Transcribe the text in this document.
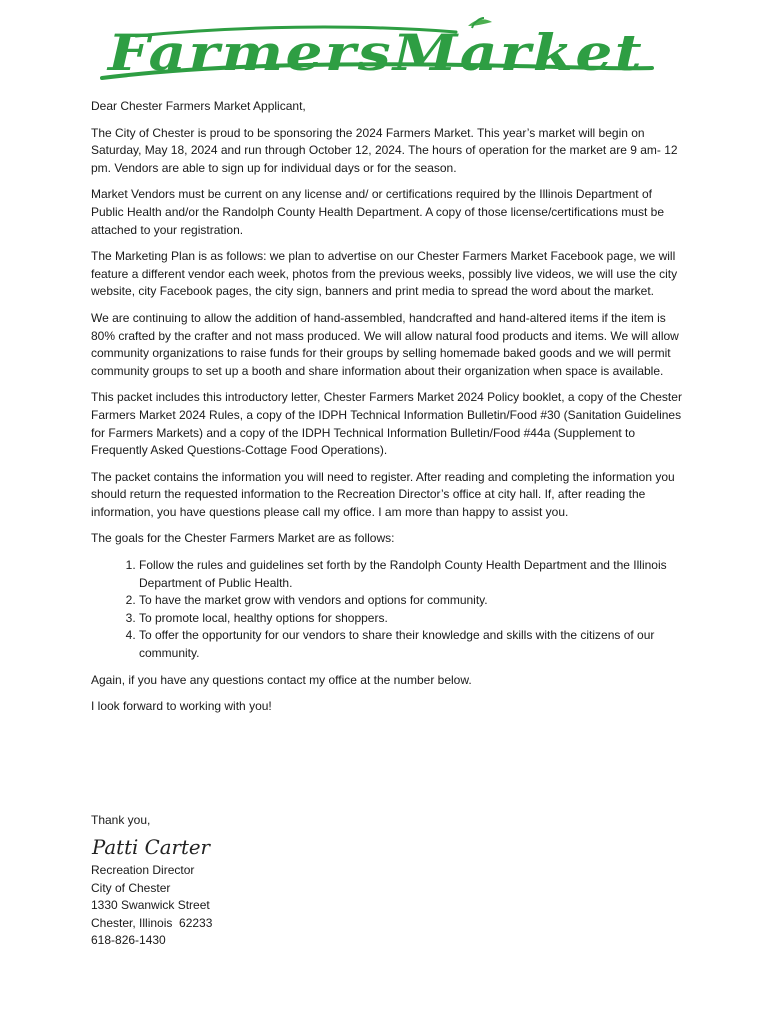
FarmersMarket

Dear Chester Farmers Market Applicant,

The City of Chester is proud to be sponsoring the 2024 Farmers Market. This year’s market will begin on Saturday, May 18, 2024 and run through October 12, 2024. The hours of operation for the market are 9 am- 12 pm. Vendors are able to sign up for individual days or for the season.

Market Vendors must be current on any license and/ or certifications required by the Illinois Department of Public Health and/or the Randolph County Health Department. A copy of those license/certifications must be attached to your registration.

The Marketing Plan is as follows: we plan to advertise on our Chester Farmers Market Facebook page, we will feature a different vendor each week, photos from the previous weeks, possibly live videos, we will use the city website, city Facebook pages, the city sign, banners and print media to spread the word about the market.

We are continuing to allow the addition of hand-assembled, handcrafted and hand-altered items if the item is 80% crafted by the crafter and not mass produced. We will allow natural food products and items. We will allow community organizations to raise funds for their groups by selling homemade baked goods and we will permit community groups to set up a booth and share information about their organization when space is available.

This packet includes this introductory letter, Chester Farmers Market 2024 Policy booklet, a copy of the Chester Farmers Market 2024 Rules, a copy of the IDPH Technical Information Bulletin/Food #30 (Sanitation Guidelines for Farmers Markets) and a copy of the IDPH Technical Information Bulletin/Food #44a (Supplement to Frequently Asked Questions-Cottage Food Operations).

The packet contains the information you will need to register. After reading and completing the information you should return the requested information to the Recreation Director’s office at city hall. If, after reading the information, you have questions please call my office. I am more than happy to assist you.

The goals for the Chester Farmers Market are as follows:

1. Follow the rules and guidelines set forth by the Randolph County Health Department and the Illinois Department of Public Health.
2. To have the market grow with vendors and options for community.
3. To promote local, healthy options for shoppers.
4. To offer the opportunity for our vendors to share their knowledge and skills with the citizens of our community.

Again, if you have any questions contact my office at the number below.

I look forward to working with you!

Thank you,
Patti Carter
Recreation Director
City of Chester
1330 Swanwick Street
Chester, Illinois  62233
618-826-1430
